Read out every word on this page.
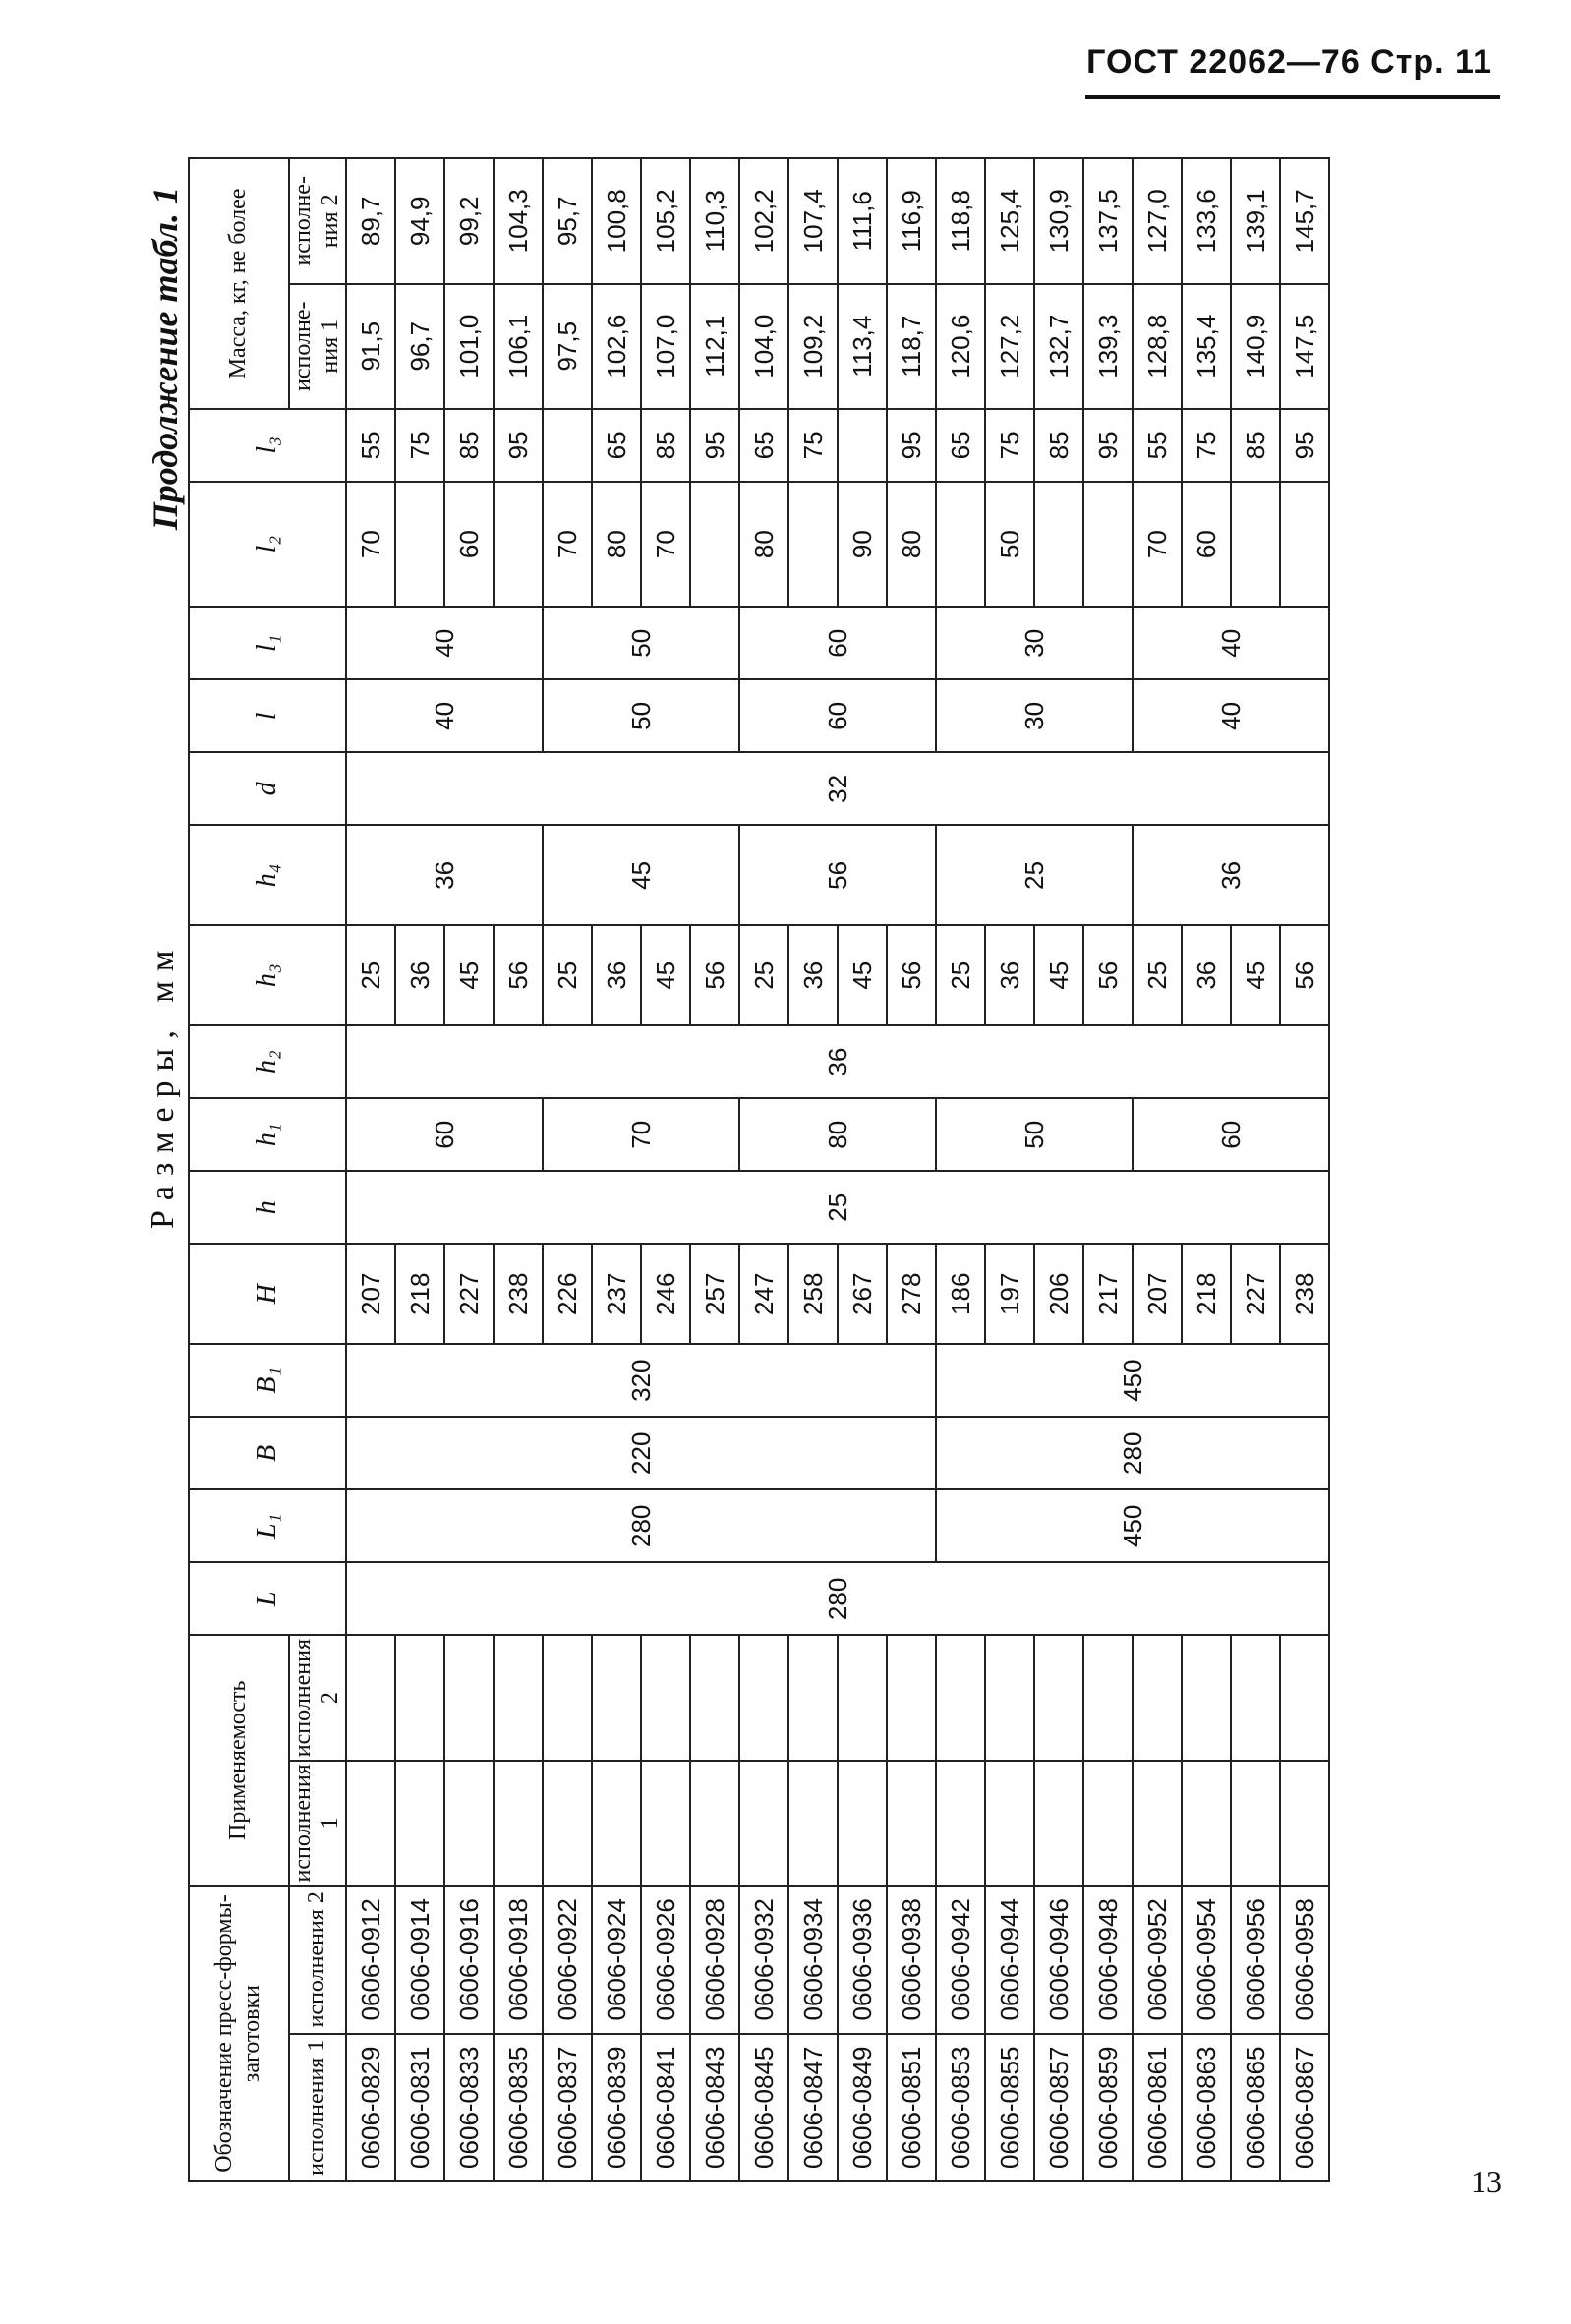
ГОСТ 22062—76 Стр. 11
Размеры, мм
Продолжение табл. 1
Обозначение пресс-формы-заготовки		Применяемость		L	L₁	B	B₁	H	h	h₁	h₂	h₃	h₄	d	l	l₁	l₂	l₃	Масса, кг, не более	
исполнения 1	исполнения 2	исполнения 1	исполнения 2																исполне-ния 1	исполне-ния 2
0606-0829	0606-0912			280	280	220	320	207	25	60	36	25	36	32	40	40	70	55	91,5	89,7
0606-0831	0606-0914							218				36						75	96,7	94,9
0606-0833	0606-0916							227				45					60	85	101,0	99,2
0606-0835	0606-0918							238				56						95	106,1	104,3
0606-0837	0606-0922							226		70		25	45		50	50	70		97,5	95,7
0606-0839	0606-0924							237				36					80	65	102,6	100,8
0606-0841	0606-0926							246				45					70	85	107,0	105,2
0606-0843	0606-0928							257				56						95	112,1	110,3
0606-0845	0606-0932							247		80		25	56		60	60	80	65	104,0	102,2
0606-0847	0606-0934							258				36						75	109,2	107,4
0606-0849	0606-0936							267				45					90		113,4	111,6
0606-0851	0606-0938							278				56					80	95	118,7	116,9
0606-0853	0606-0942				450	280	450	186		50		25	25		30	30		65	120,6	118,8
0606-0855	0606-0944							197				36					50	75	127,2	125,4
0606-0857	0606-0946							206				45						85	132,7	130,9
0606-0859	0606-0948							217				56						95	139,3	137,5
0606-0861	0606-0952							207		60		25	36		40	40	70	55	128,8	127,0
0606-0863	0606-0954							218				36					60	75	135,4	133,6
0606-0865	0606-0956							227				45						85	140,9	139,1
0606-0867	0606-0958							238				56						95	147,5	145,7
13
